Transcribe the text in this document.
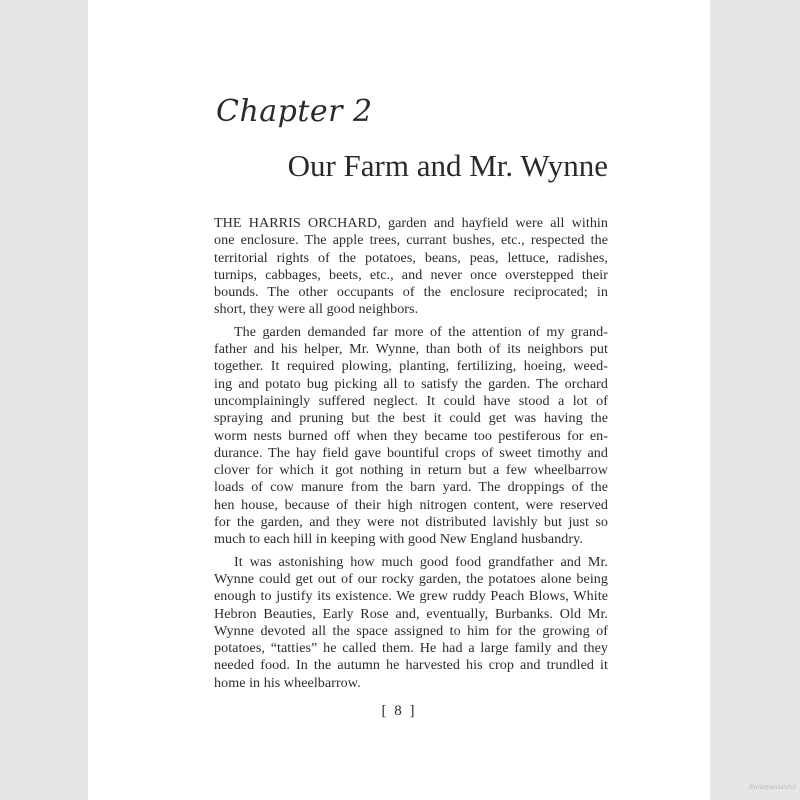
Chapter 2
Our Farm and Mr. Wynne

THE HARRIS ORCHARD, garden and hayfield were all within
one enclosure. The apple trees, currant bushes, etc., respected the
territorial rights of the potatoes, beans, peas, lettuce, radishes,
turnips, cabbages, beets, etc., and never once overstepped their
bounds. The other occupants of the enclosure reciprocated; in
short, they were all good neighbors.

The garden demanded far more of the attention of my grand-
father and his helper, Mr. Wynne, than both of its neighbors put
together. It required plowing, planting, fertilizing, hoeing, weed-
ing and potato bug picking all to satisfy the garden. The orchard
uncomplainingly suffered neglect. It could have stood a lot of
spraying and pruning but the best it could get was having the
worm nests burned off when they became too pestiferous for en-
durance. The hay field gave bountiful crops of sweet timothy and
clover for which it got nothing in return but a few wheelbarrow
loads of cow manure from the barn yard. The droppings of the
hen house, because of their high nitrogen content, were reserved
for the garden, and they were not distributed lavishly but just so
much to each hill in keeping with good New England husbandry.

It was astonishing how much good food grandfather and Mr.
Wynne could get out of our rocky garden, the potatoes alone being
enough to justify its existence. We grew ruddy Peach Blows, White
Hebron Beauties, Early Rose and, eventually, Burbanks. Old Mr.
Wynne devoted all the space assigned to him for the growing of
potatoes, “tatties” he called them. He had a large family and they
needed food. In the autumn he harvested his crop and trundled it
home in his wheelbarrow.

[ 8 ]

illunizpantaistol
